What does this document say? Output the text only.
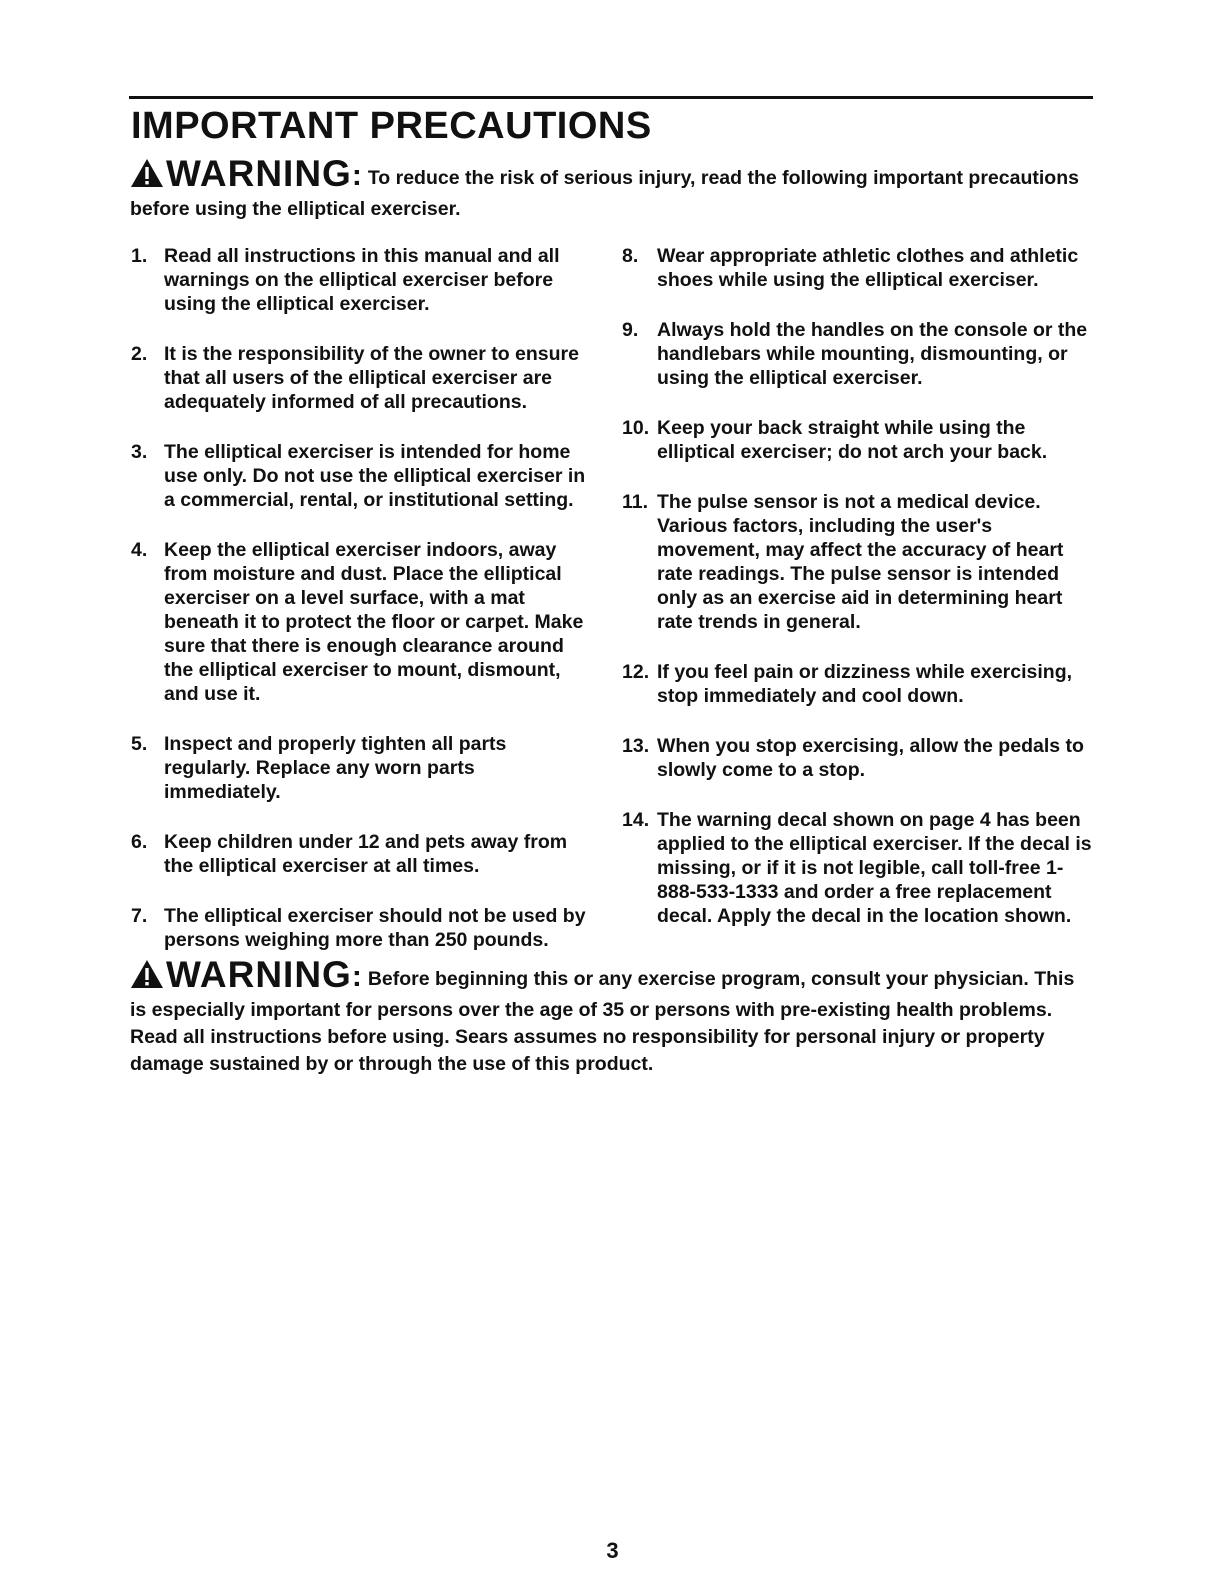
IMPORTANT PRECAUTIONS
WARNING: To reduce the risk of serious injury, read the following important precautions before using the elliptical exerciser.
1. Read all instructions in this manual and all warnings on the elliptical exerciser before using the elliptical exerciser.
2. It is the responsibility of the owner to ensure that all users of the elliptical exerciser are adequately informed of all precautions.
3. The elliptical exerciser is intended for home use only. Do not use the elliptical exerciser in a commercial, rental, or institutional setting.
4. Keep the elliptical exerciser indoors, away from moisture and dust. Place the elliptical exerciser on a level surface, with a mat beneath it to protect the floor or carpet. Make sure that there is enough clearance around the elliptical exerciser to mount, dismount, and use it.
5. Inspect and properly tighten all parts regularly. Replace any worn parts immediately.
6. Keep children under 12 and pets away from the elliptical exerciser at all times.
7. The elliptical exerciser should not be used by persons weighing more than 250 pounds.
8. Wear appropriate athletic clothes and athletic shoes while using the elliptical exerciser.
9. Always hold the handles on the console or the handlebars while mounting, dismounting, or using the elliptical exerciser.
10. Keep your back straight while using the elliptical exerciser; do not arch your back.
11. The pulse sensor is not a medical device. Various factors, including the user's movement, may affect the accuracy of heart rate readings. The pulse sensor is intended only as an exercise aid in determining heart rate trends in general.
12. If you feel pain or dizziness while exercising, stop immediately and cool down.
13. When you stop exercising, allow the pedals to slowly come to a stop.
14. The warning decal shown on page 4 has been applied to the elliptical exerciser. If the decal is missing, or if it is not legible, call toll-free 1-888-533-1333 and order a free replacement decal. Apply the decal in the location shown.
WARNING: Before beginning this or any exercise program, consult your physician. This is especially important for persons over the age of 35 or persons with pre-existing health problems. Read all instructions before using. Sears assumes no responsibility for personal injury or property damage sustained by or through the use of this product.
3
